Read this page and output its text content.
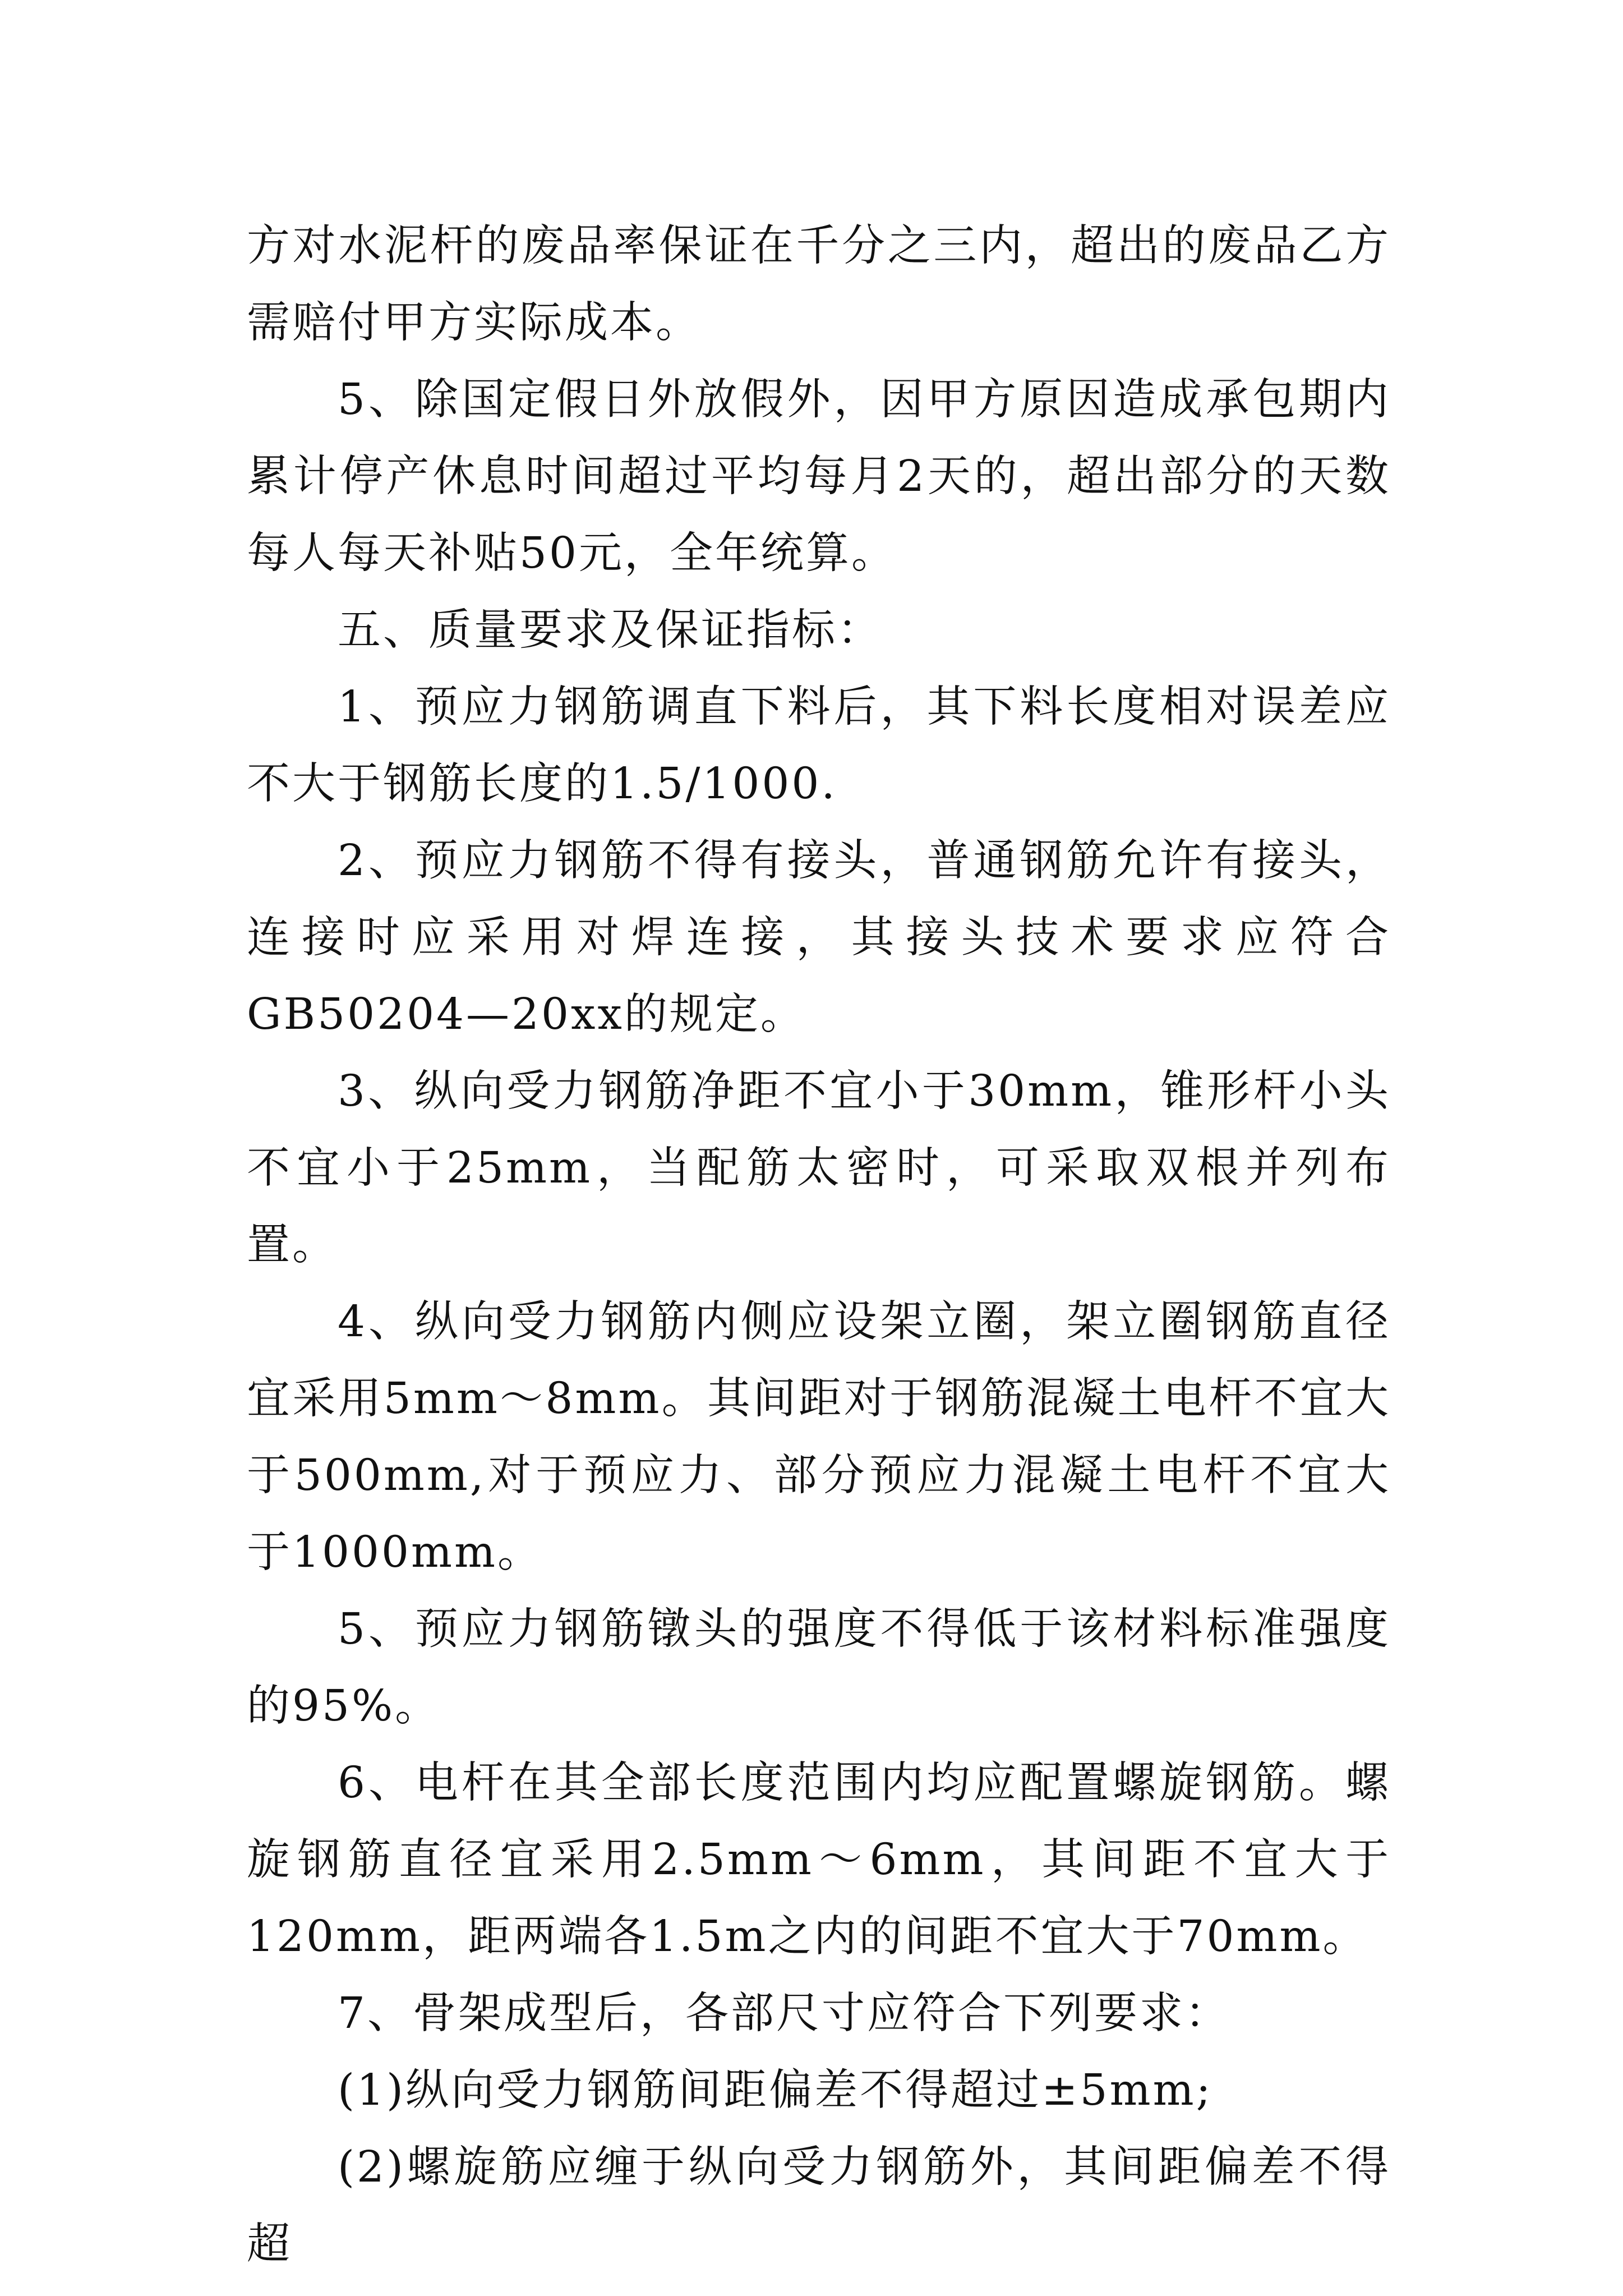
方对水泥杆的废品率保证在千分之三内，超出的废品乙方需赔付甲方实际成本。

5、除国定假日外放假外，因甲方原因造成承包期内累计停产休息时间超过平均每月2天的，超出部分的天数每人每天补贴50元，全年统算。

五、质量要求及保证指标：

1、预应力钢筋调直下料后，其下料长度相对误差应不大于钢筋长度的1.5/1000.

2、预应力钢筋不得有接头，普通钢筋允许有接头，连接时应采用对焊连接，其接头技术要求应符合GB50204—20xx的规定。

3、纵向受力钢筋净距不宜小于30mm，锥形杆小头不宜小于25mm，当配筋太密时，可采取双根并列布置。

4、纵向受力钢筋内侧应设架立圈，架立圈钢筋直径宜采用5mm～8mm。其间距对于钢筋混凝土电杆不宜大于500mm,对于预应力、部分预应力混凝土电杆不宜大于1000mm。

5、预应力钢筋镦头的强度不得低于该材料标准强度的95%。

6、电杆在其全部长度范围内均应配置螺旋钢筋。螺旋钢筋直径宜采用2.5mm～6mm，其间距不宜大于120mm，距两端各1.5m之内的间距不宜大于70mm。

7、骨架成型后，各部尺寸应符合下列要求：

(1)纵向受力钢筋间距偏差不得超过±5mm;

(2)螺旋筋应缠于纵向受力钢筋外，其间距偏差不得超
